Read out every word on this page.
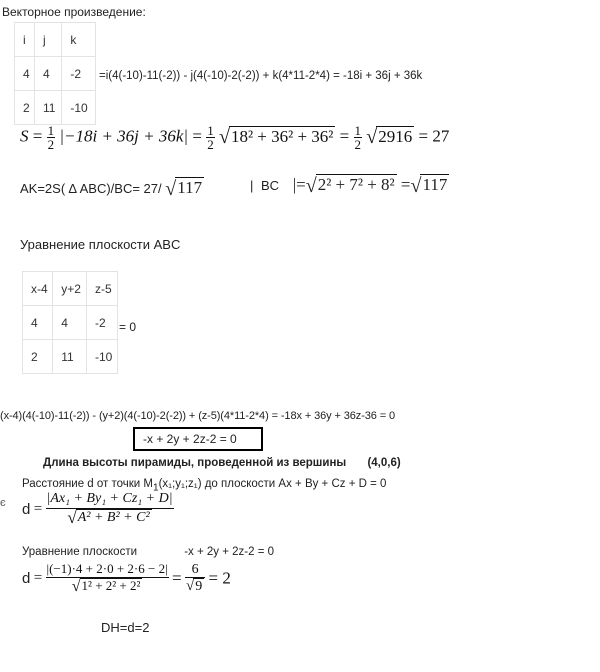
Векторное произведение:
i	j	k
4	4	-2
2	11	-10
=i(4(-10)-11(-2)) - j(4(-10)-2(-2)) + k(4*11-2*4) = -18i + 36j + 36k
$S = \frac{1}{2} |-18i + 36j + 36k| = \frac{1}{2} √18^2 + 36^2 + 36^2 = \frac{1}{2} √2916 = 27$
AK=2S( ∆ ABC)/BC= 27/ √117	| BC |=√2² + 7² + 8² =√117
Уравнение плоскости ABC
x-4	y+2	z-5
4	4	-2
2	11	-10
= 0
(x-4)(4(-10)-11(-2)) - (y+2)(4(-10)-2(-2)) + (z-5)(4*11-2*4) = -18x + 36y + 36z-36 = 0
-x + 2y + 2z-2 = 0
Длина высоты пирамиды, проведенной из вершины (4,0,6)
Расстояние d от точки $M_1(x_1;y_1;z_1)$ до плоскости Ax + By + Cz + D = 0
є $d = \frac{\text{|Ax₁ + By₁ + Cz₁ + D|}}{\text{√A² + B² + C²}}$
Уравнение плоскости	-x + 2y + 2z-2 = 0
$d = \frac{|(-1)\cdot 4 + 2\cdot 0 + 2\cdot 6 - 2|}{\text{√1² + 2² + 2²}} = \frac{6}{√9} = 2$
DH=d=2
